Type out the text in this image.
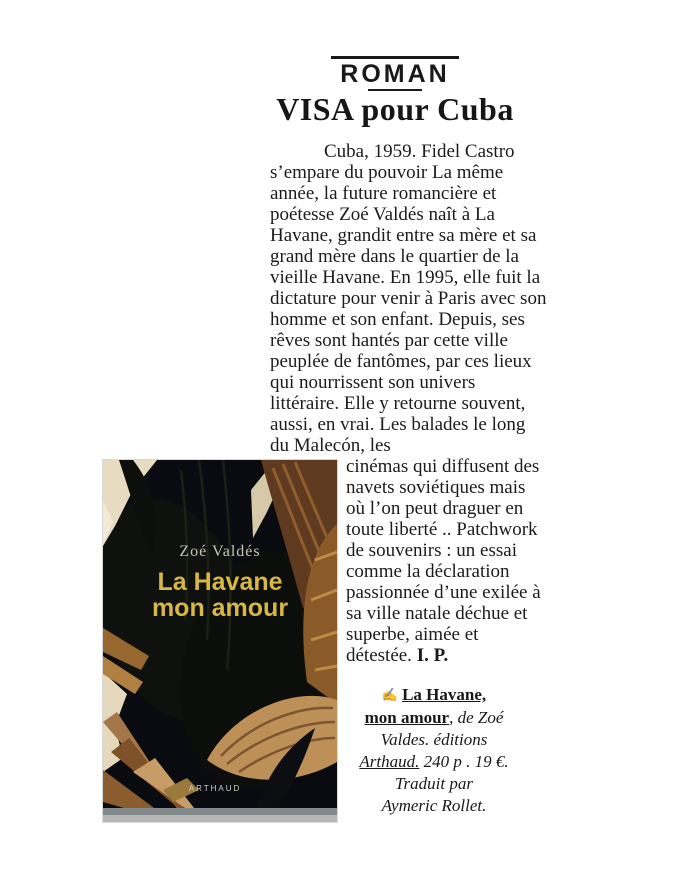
ROMAN
VISA pour Cuba

Cuba, 1959. Fidel Castro s’empare du pouvoir La même année, la future romancière et poétesse Zoé Valdés naît à La Havane, grandit entre sa mère et sa grand mère dans le quartier de la vieille Havane. En 1995, elle fuit la dictature pour venir à Paris avec son homme et son enfant. Depuis, ses rêves sont hantés par cette ville peuplée de fantômes, par ces lieux qui nourrissent son univers littéraire. Elle y retourne souvent, aussi, en vrai. Les balades le long du Malecón, les

Zoé Valdés
La Havane
mon amour
ARTHAUD

cinémas qui diffusent des navets soviétiques mais où l’on peut draguer en toute liberté .. Patchwork de souvenirs : un essai comme la déclaration passionnée d’une exilée à sa ville natale déchue et superbe, aimée et détestée. I. P.

✍ La Havane,
mon amour, de Zoé
Valdes. éditions
Arthaud. 240 p . 19 €.
Traduit par
Aymeric Rollet.
